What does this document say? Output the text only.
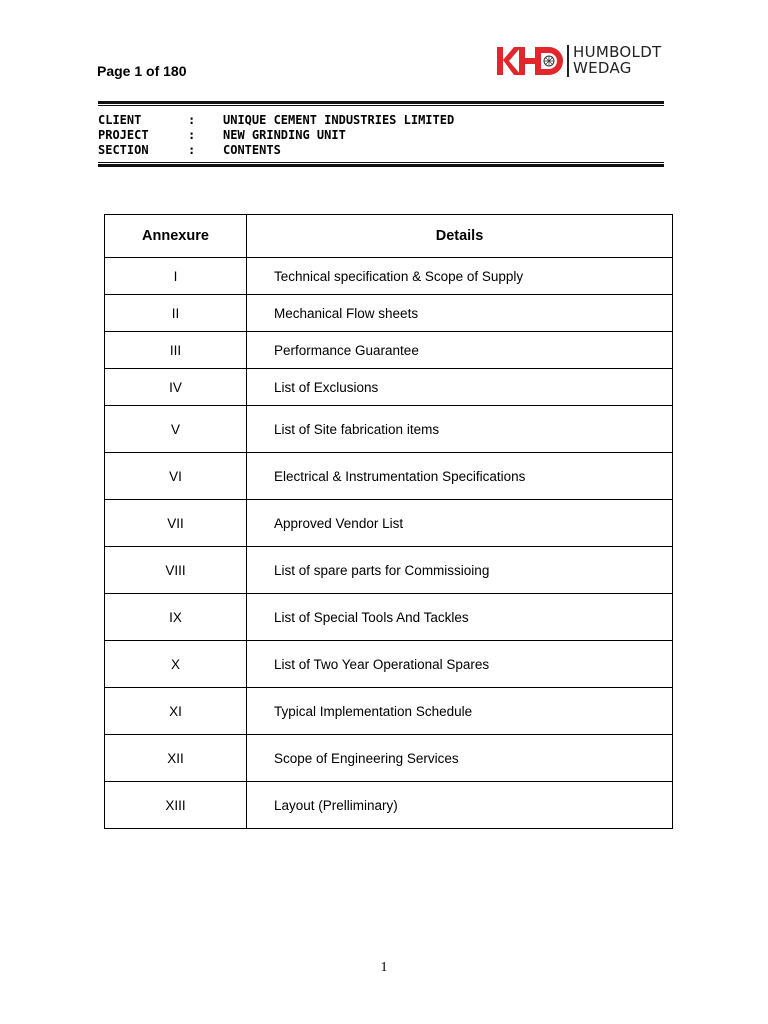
Page 1 of 180
HUMBOLDT
WEDAG
CLIENT	:	UNIQUE CEMENT INDUSTRIES LIMITED
PROJECT	:	NEW GRINDING UNIT
SECTION	:	CONTENTS
Annexure	Details
I	Technical specification & Scope of Supply
II	Mechanical Flow sheets
III	Performance Guarantee
IV	List of Exclusions
V	List of Site fabrication items
VI	Electrical & Instrumentation Specifications
VII	Approved Vendor List
VIII	List of spare parts for Commissioing
IX	List of Special Tools And Tackles
X	List of Two Year Operational Spares
XI	Typical Implementation Schedule
XII	Scope of Engineering Services
XIII	Layout (Prelliminary)
1
